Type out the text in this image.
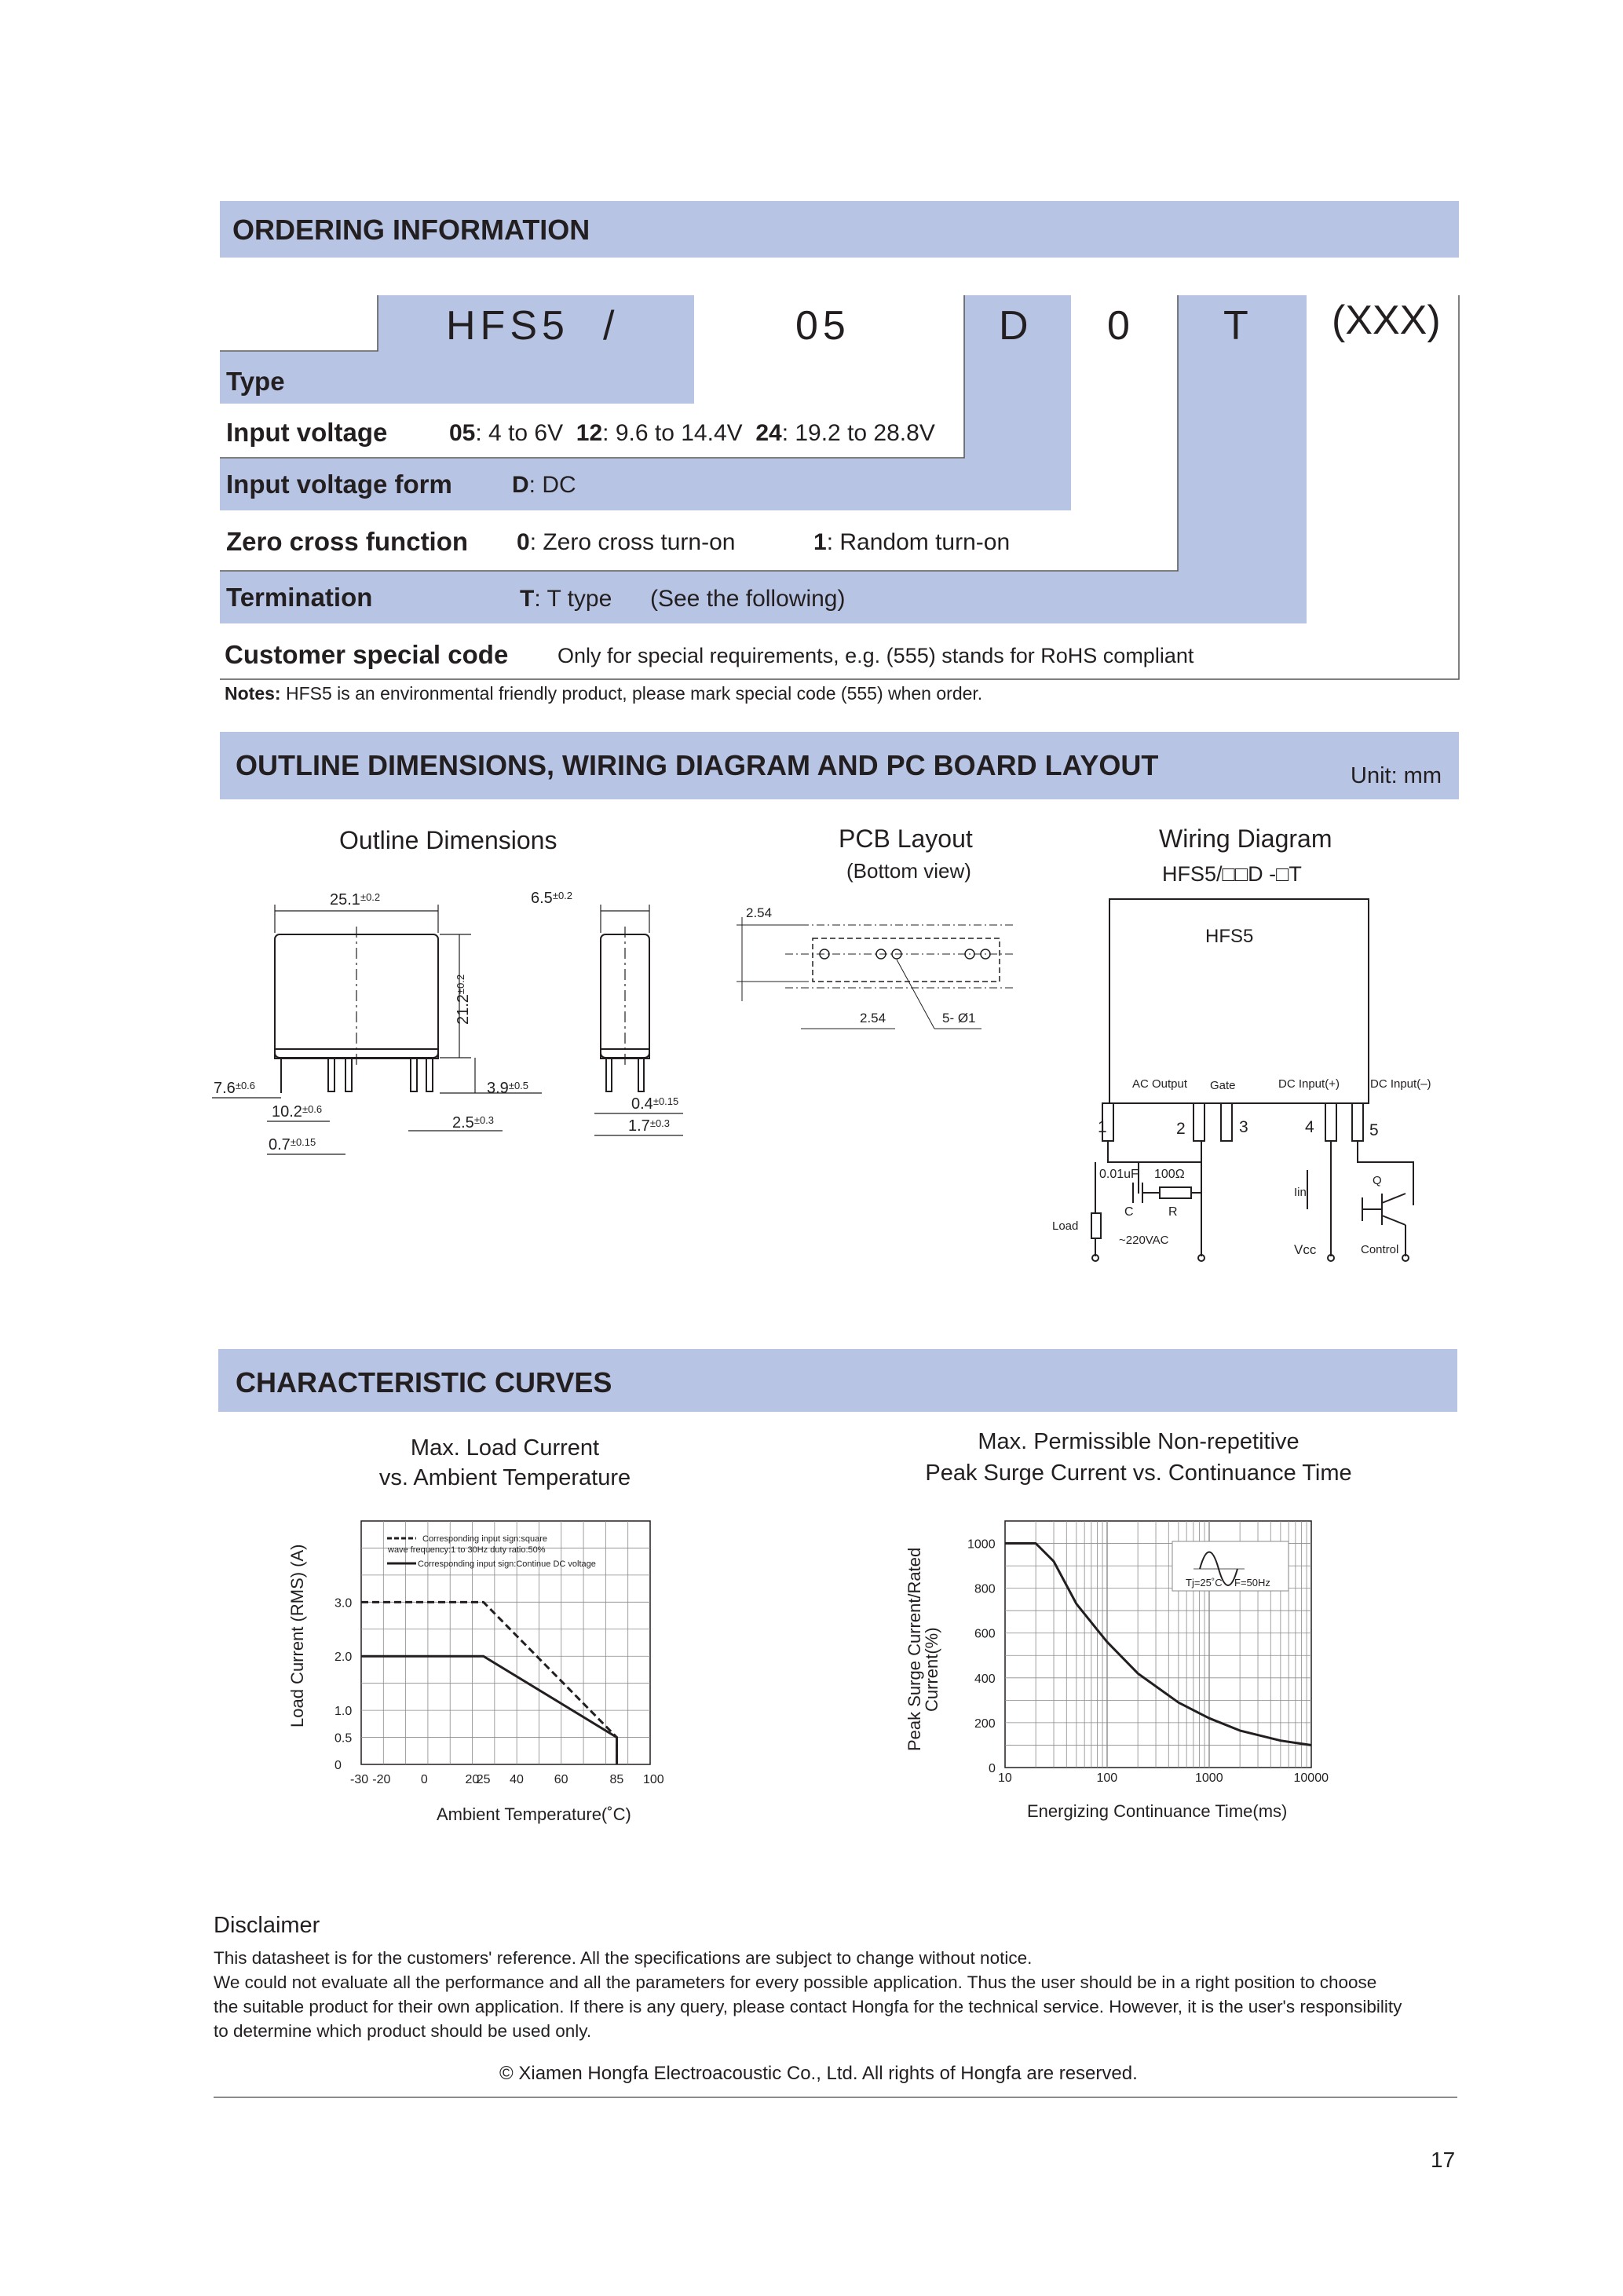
ORDERING INFORMATION
HFS5 /	05	D 0 T (XXX)
Type
Input voltage	05: 4 to 6V 12: 9.6 to 14.4V 24: 19.2 to 28.8V
Input voltage form	D: DC
Zero cross function 0: Zero cross turn-on	1: Random turn-on
Termination	T: T type (See the following)
Customer special code Only for special requirements, e.g. (555) stands for RoHS compliant
Notes: HFS5 is an environmental friendly product, please mark special code (555) when order.
OUTLINE DIMENSIONS, WIRING DIAGRAM AND PC BOARD LAYOUT	Unit: mm
Outline Dimensions	PCB Layout
(Bottom view)
Wiring Diagram
$25.1^{\pm 0.2}$	$6.5^{\pm 0.2}$
$21.2^{\pm 0.2}$
$7.6^{\pm 0.6}$
$10.2^{\pm 0.6}$
$0.7^{\pm 0.15}$
$3.9^{\pm 0.5}$
$2.5^{\pm 0.3}$
$0.4^{\pm 0.15}$
$1.7^{\pm 0.3}$
2.54
2.54	5- Ø1
HFS5/□□D -□T
HFS5
AC Output Gate	DC Input(+)	DC Input(–)
1	2	3	4	5
0.01uF 100Ω
C	R
Load
~220VAC
Iin
Vcc
Q
Control
CHARACTERISTIC CURVES
Max. Load Current
vs. Ambient Temperature
Max. Permissible Non-repetitive
Peak Surge Current vs. Continuance Time
-30 -20 0	20
25 40 60	85 100
0
0.5
1.0
2.0
3.0
Load Current (RMS) (A)
Ambient Temperature(˚C)
Corresponding input sign:square
wave frequency:1 to 30Hz duty ratio:50%
Corresponding input sign:Continue DC voltage
10	100	1000	10000
0
200
400
600
800
1000
Peak Surge Current/Rated
Current(%)
Energizing Continuance Time(ms)
Tj=25˚C F=50Hz
Disclaimer
This datasheet is for the customers' reference. All the specifications are subject to change without notice.
We could not evaluate all the performance and all the parameters for every possible application. Thus the user should be in a right position to choose
the suitable product for their own application. If there is any query, please contact Hongfa for the technical service. However, it is the user's responsibility
to determine which product should be used only.
© Xiamen Hongfa Electroacoustic Co., Ltd. All rights of Hongfa are reserved.
17
